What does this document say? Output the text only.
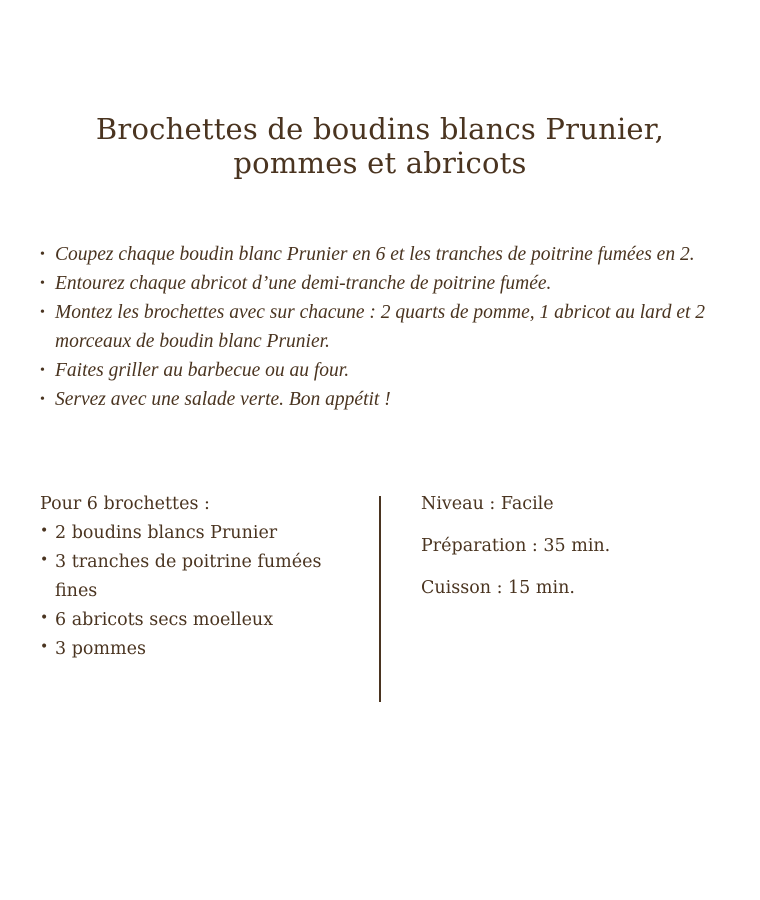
Brochettes de boudins blancs Prunier,
pommes et abricots
• Coupez chaque boudin blanc Prunier en 6 et les tranches de poitrine fumées en 2.
• Entourez chaque abricot d’une demi-tranche de poitrine fumée.
• Montez les brochettes avec sur chacune : 2 quarts de pomme, 1 abricot au lard et 2 morceaux de boudin blanc Prunier.
• Faites griller au barbecue ou au four.
• Servez avec une salade verte. Bon appétit !

Pour 6 brochettes :

• 2 boudins blancs Prunier
• 3 tranches de poitrine fumées fines
• 6 abricots secs moelleux
• 3 pommes
Niveau : Facile
Préparation : 35 min.
Cuisson : 15 min.
